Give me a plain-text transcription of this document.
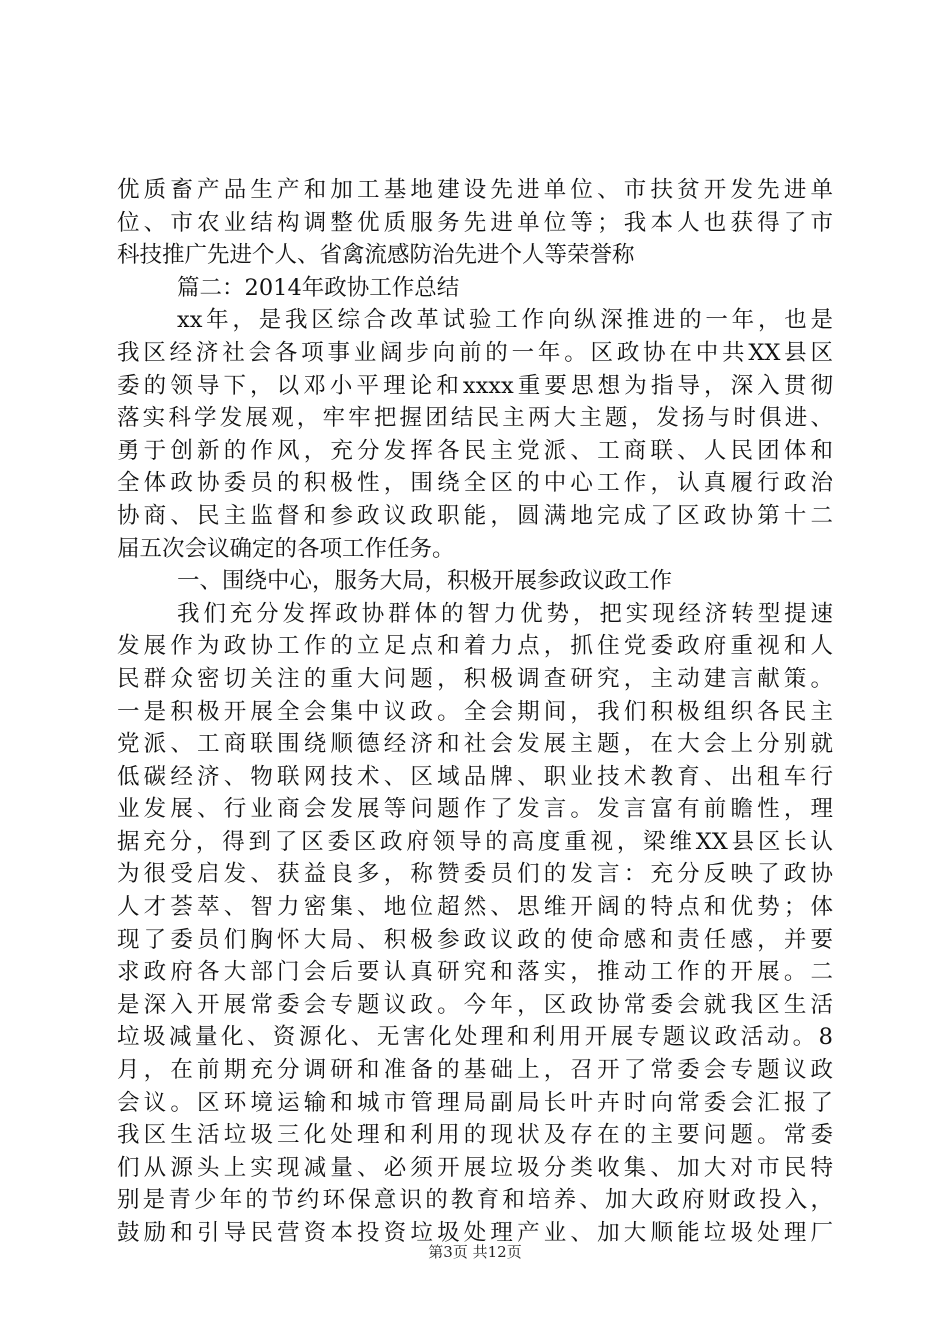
优质畜产品生产和加工基地建设先进单位、市扶贫开发先进单
位、市农业结构调整优质服务先进单位等；我本人也获得了市
科技推广先进个人、省禽流感防治先进个人等荣誉称
篇二：2014年政协工作总结
xx年，是我区综合改革试验工作向纵深推进的一年，也是
我区经济社会各项事业阔步向前的一年。区政协在中共XX县区
委的领导下，以邓小平理论和xxxx重要思想为指导，深入贯彻
落实科学发展观，牢牢把握团结民主两大主题，发扬与时俱进、
勇于创新的作风，充分发挥各民主党派、工商联、人民团体和
全体政协委员的积极性，围绕全区的中心工作，认真履行政治
协商、民主监督和参政议政职能，圆满地完成了区政协第十二
届五次会议确定的各项工作任务。
一、围绕中心，服务大局，积极开展参政议政工作
我们充分发挥政协群体的智力优势，把实现经济转型提速
发展作为政协工作的立足点和着力点，抓住党委政府重视和人
民群众密切关注的重大问题，积极调查研究，主动建言献策。
一是积极开展全会集中议政。全会期间，我们积极组织各民主
党派、工商联围绕顺德经济和社会发展主题，在大会上分别就
低碳经济、物联网技术、区域品牌、职业技术教育、出租车行
业发展、行业商会发展等问题作了发言。发言富有前瞻性，理
据充分，得到了区委区政府领导的高度重视，梁维XX县区长认
为很受启发、获益良多，称赞委员们的发言：充分反映了政协
人才荟萃、智力密集、地位超然、思维开阔的特点和优势；体
现了委员们胸怀大局、积极参政议政的使命感和责任感，并要
求政府各大部门会后要认真研究和落实，推动工作的开展。二
是深入开展常委会专题议政。今年，区政协常委会就我区生活
垃圾减量化、资源化、无害化处理和利用开展专题议政活动。8
月，在前期充分调研和准备的基础上，召开了常委会专题议政
会议。区环境运输和城市管理局副局长叶卉时向常委会汇报了
我区生活垃圾三化处理和利用的现状及存在的主要问题。常委
们从源头上实现减量、必须开展垃圾分类收集、加大对市民特
别是青少年的节约环保意识的教育和培养、加大政府财政投入，
鼓励和引导民营资本投资垃圾处理产业、加大顺能垃圾处理厂
第3页 共12页
